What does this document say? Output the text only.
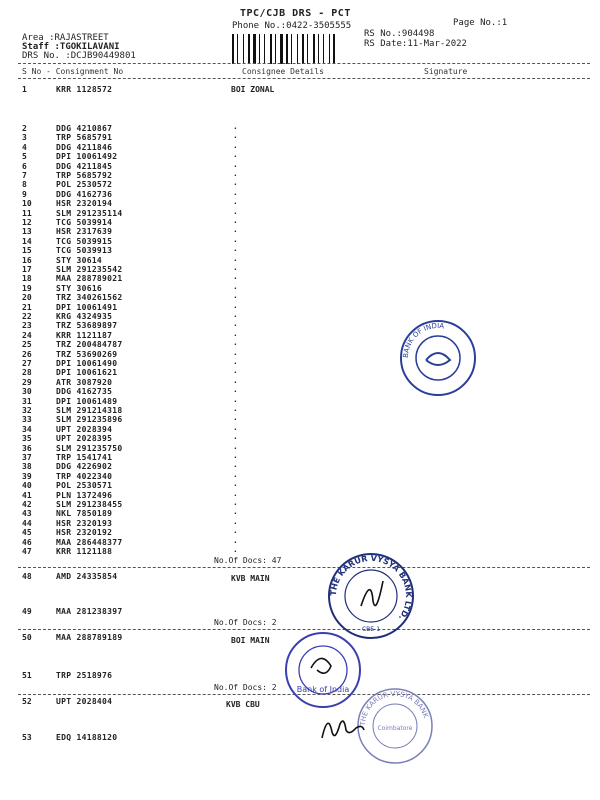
TPC/CJB DRS - PCT
Page No.:1
Phone No.:0422-3505555
RS No.:904498
RS Date:11-Mar-2022
Area :RAJASTREET
Staff :TGOKILAVANI
DRS No. :DCJB90449801
S No - Consignment No	Consignee Details	Signature
1	KRR 1128572	BOI ZONAL
2	DDG 4210867	.
3	TRP 5685791	.
4	DDG 4211846	.
5	DPI 10061492	.
6	DDG 4211845	.
7	TRP 5685792	.
8	POL 2530572	.
9	DDG 4162736	.
10	HSR 2320194	.
11	SLM 291235114	.
12	TCG 5039914	.
13	HSR 2317639	.
14	TCG 5039915	.
15	TCG 5039913	.
16	STY 30614	.
17	SLM 291235542	.
18	MAA 288789021	.
19	STY 30616	.
20	TRZ 340261562	.
21	DPI 10061491	.
22	KRG 4324935	.
23	TRZ 53689897	.
24	KRR 1121187	.
25	TRZ 200484787	.
26	TRZ 53690269	.
27	DPI 10061490	.
28	DPI 10061621	.
29	ATR 3087920	.
30	DDG 4162735	.
31	DPI 10061489	.
32	SLM 291214318	.
33	SLM 291235896	.
34	UPT 2028394	.
35	UPT 2028395	.
36	SLM 291235750	.
37	TRP 1541741	.
38	DDG 4226902	.
39	TRP 4022340	.
40	POL 2530571	.
41	PLN 1372496	.
42	SLM 291238455	.
43	NKL 7850189	.
44	HSR 2320193	.
45	HSR 2320192	.
46	MAA 286448377	.
47	KRR 1121188	.
No.Of Docs: 47
48	AMD 24335854	KVB MAIN
49	MAA 281238397
No.Of Docs: 2
50	MAA 288789189	BOI MAIN
51	TRP 2518976
No.Of Docs: 2
52	UPT 2028404	KVB CBU
53	EDQ 14188120
BANK OF INDIA
THE KARUR VYSYA BANK LTD.
CBE-1
Bank of India
THE KARUR VYSYA BANK
Coimbatore
